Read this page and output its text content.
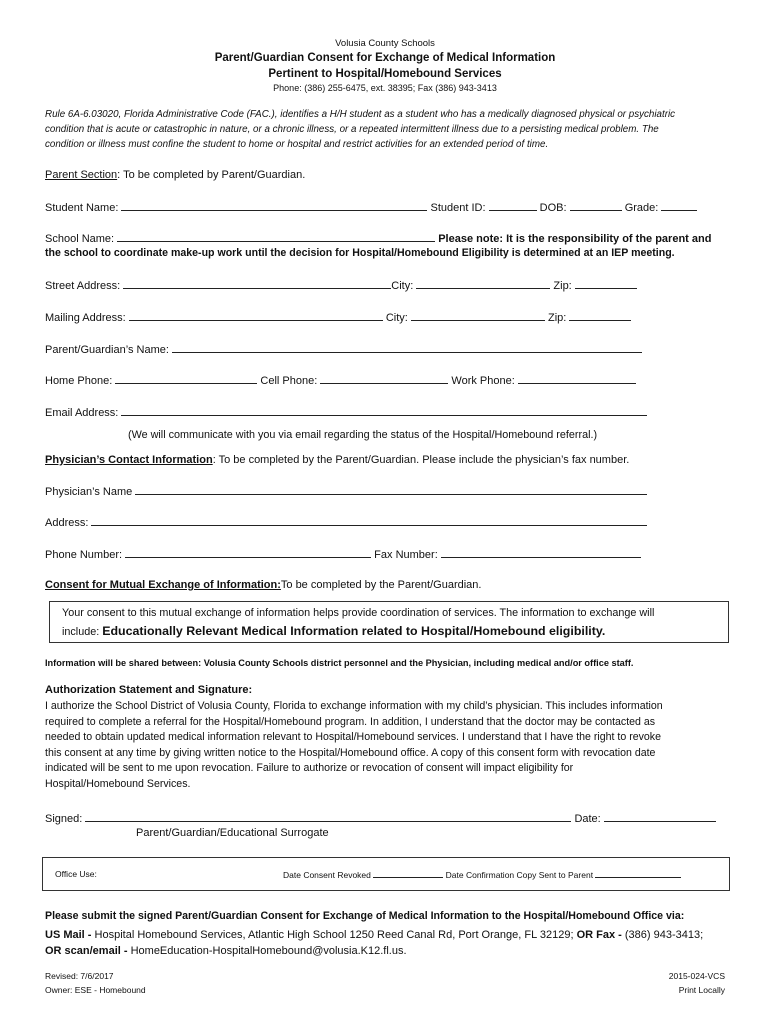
Volusia County Schools
Parent/Guardian Consent for Exchange of Medical Information
Pertinent to Hospital/Homebound Services
Phone: (386) 255-6475, ext. 38395; Fax (386) 943-3413
Rule 6A-6.03020, Florida Administrative Code (FAC.), identifies a H/H student as a student who has a medically diagnosed physical or psychiatric
condition that is acute or catastrophic in nature, or a chronic illness, or a repeated intermittent illness due to a persisting medical problem. The
condition or illness must confine the student to home or hospital and restrict activities for an extended period of time.
Parent Section: To be completed by Parent/Guardian.
Student Name:	Student ID:	DOB:	Grade:
School Name:	Please note: It is the responsibility of the parent and
the school to coordinate make-up work until the decision for Hospital/Homebound Eligibility is determined at an IEP meeting.
Street Address:	City:	Zip:
Mailing Address:	City:	Zip:
Parent/Guardian’s Name:
Home Phone:	Cell Phone:	Work Phone:
Email Address:
(We will communicate with you via email regarding the status of the Hospital/Homebound referral.)
Physician’s Contact Information: To be completed by the Parent/Guardian. Please include the physician’s fax number.
Physician’s Name
Address:
Phone Number:	Fax Number:
Consent for Mutual Exchange of Information:To be completed by the Parent/Guardian.
Your consent to this mutual exchange of information helps provide coordination of services. The information to exchange will
include: Educationally Relevant Medical Information related to Hospital/Homebound eligibility.
Information will be shared between: Volusia County Schools district personnel and the Physician, including medical and/or office staff.
Authorization Statement and Signature:
I authorize the School District of Volusia County, Florida to exchange information with my child’s physician. This includes information
required to complete a referral for the Hospital/Homebound program. In addition, I understand that the doctor may be contacted as
needed to obtain updated medical information relevant to Hospital/Homebound services. I understand that I have the right to revoke
this consent at any time by giving written notice to the Hospital/Homebound office. A copy of this consent form with revocation date
indicated will be sent to me upon revocation. Failure to authorize or revocation of consent will impact eligibility for
Hospital/Homebound Services.
Signed:	Date:
Parent/Guardian/Educational Surrogate
Office Use:	Date Consent Revoked	Date Confirmation Copy Sent to Parent
Please submit the signed Parent/Guardian Consent for Exchange of Medical Information to the Hospital/Homebound Office via:
US Mail - Hospital Homebound Services, Atlantic High School 1250 Reed Canal Rd, Port Orange, FL 32129; OR Fax - (386) 943-3413;
OR scan/email - HomeEducation-HospitalHomebound@volusia.K12.fl.us.
Revised: 7/6/2017
Owner: ESE - Homebound
2015-024-VCS
Print Locally
